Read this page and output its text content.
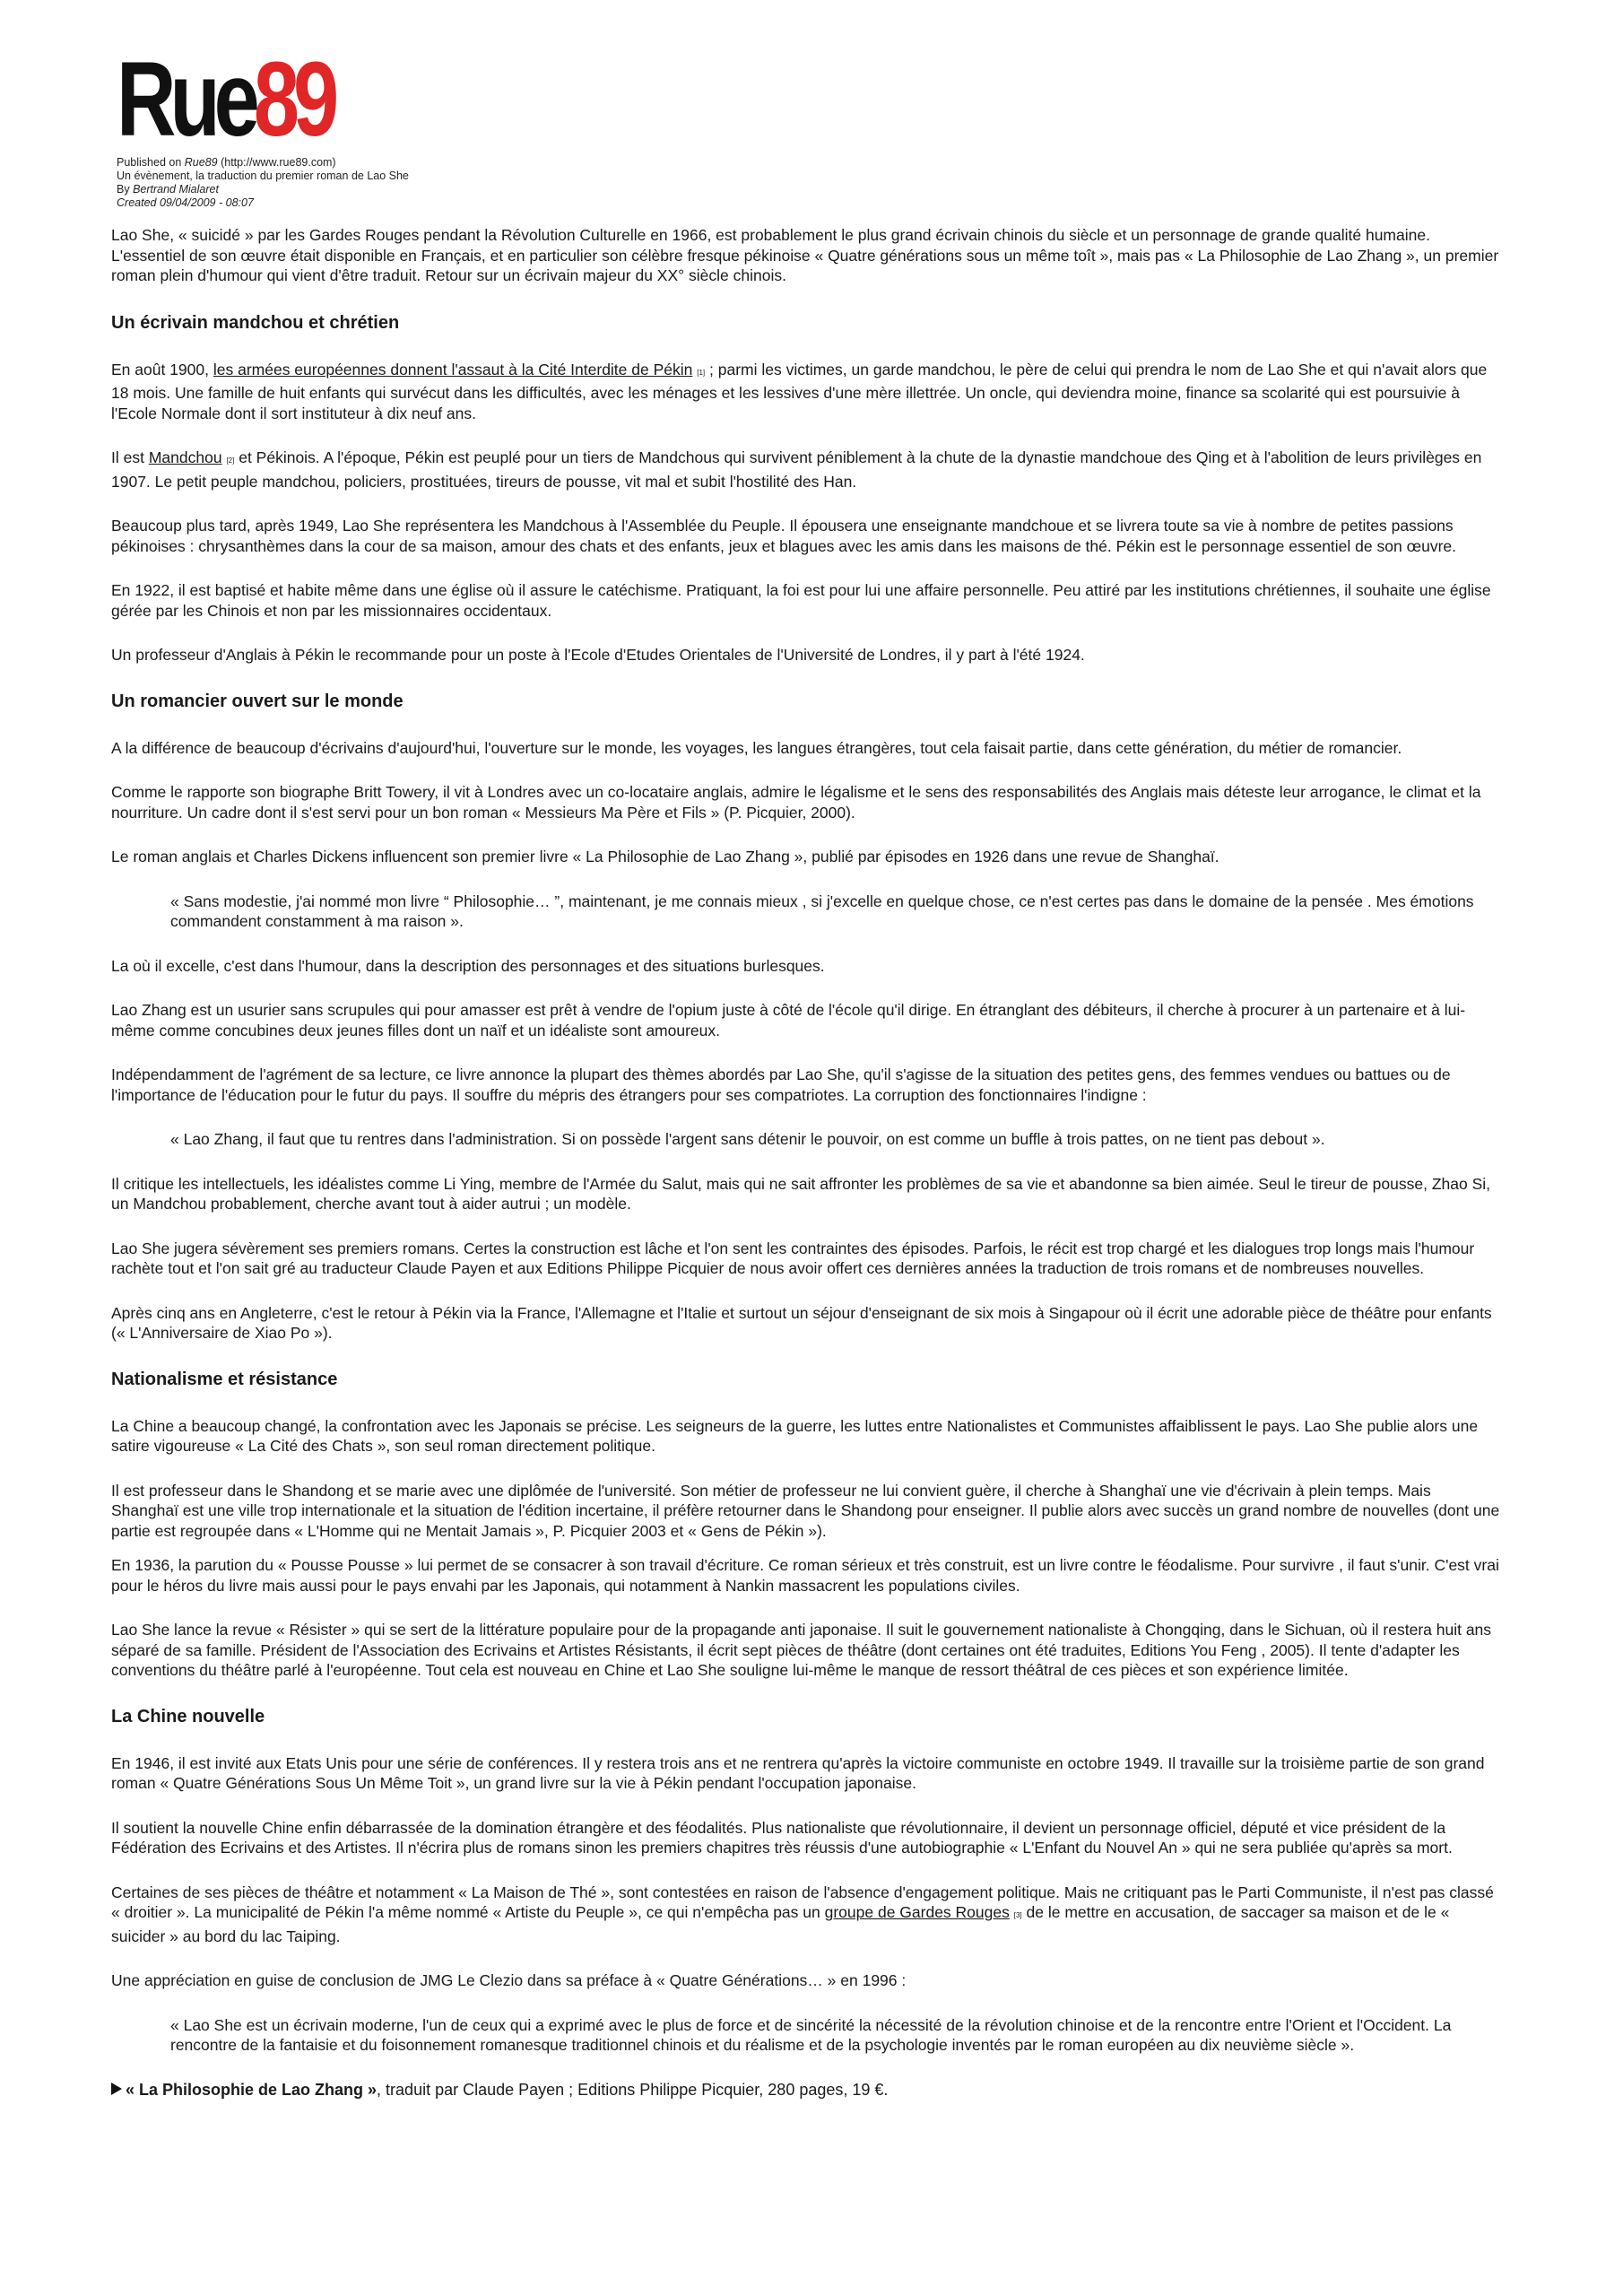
Rue89
Published on Rue89 (http://www.rue89.com)
Un évènement, la traduction du premier roman de Lao She
By Bertrand Mialaret
Created 09/04/2009 - 08:07

Lao She, « suicidé » par les Gardes Rouges pendant la Révolution Culturelle en 1966, est probablement le plus grand écrivain chinois du siècle et un personnage de grande qualité humaine. L'essentiel de son œuvre était disponible en Français, et en particulier son célèbre fresque pékinoise « Quatre générations sous un même toît », mais pas « La Philosophie de Lao Zhang », un premier roman plein d'humour qui vient d'être traduit. Retour sur un écrivain majeur du XX° siècle chinois.

Un écrivain mandchou et chrétien

En août 1900, les armées européennes donnent l'assaut à la Cité Interdite de Pékin [1] ; parmi les victimes, un garde mandchou, le père de celui qui prendra le nom de Lao She et qui n'avait alors que 18 mois. Une famille de huit enfants qui survécut dans les difficultés, avec les ménages et les lessives d'une mère illettrée. Un oncle, qui deviendra moine, finance sa scolarité qui est poursuivie à l'Ecole Normale dont il sort instituteur à dix neuf ans.

Il est Mandchou [2] et Pékinois. A l'époque, Pékin est peuplé pour un tiers de Mandchous qui survivent péniblement à la chute de la dynastie mandchoue des Qing et à l'abolition de leurs privilèges en 1907. Le petit peuple mandchou, policiers, prostituées, tireurs de pousse, vit mal et subit l'hostilité des Han.

Beaucoup plus tard, après 1949, Lao She représentera les Mandchous à l'Assemblée du Peuple. Il épousera une enseignante mandchoue et se livrera toute sa vie à nombre de petites passions pékinoises : chrysanthèmes dans la cour de sa maison, amour des chats et des enfants, jeux et blagues avec les amis dans les maisons de thé. Pékin est le personnage essentiel de son œuvre.

En 1922, il est baptisé et habite même dans une église où il assure le catéchisme. Pratiquant, la foi est pour lui une affaire personnelle. Peu attiré par les institutions chrétiennes, il souhaite une église gérée par les Chinois et non par les missionnaires occidentaux.

Un professeur d'Anglais à Pékin le recommande pour un poste à l'Ecole d'Etudes Orientales de l'Université de Londres, il y part à l'été 1924.

Un romancier ouvert sur le monde

A la différence de beaucoup d'écrivains d'aujourd'hui, l'ouverture sur le monde, les voyages, les langues étrangères, tout cela faisait partie, dans cette génération, du métier de romancier.

Comme le rapporte son biographe Britt Towery, il vit à Londres avec un co-locataire anglais, admire le légalisme et le sens des responsabilités des Anglais mais déteste leur arrogance, le climat et la nourriture. Un cadre dont il s'est servi pour un bon roman « Messieurs Ma Père et Fils » (P. Picquier, 2000).

Le roman anglais et Charles Dickens influencent son premier livre « La Philosophie de Lao Zhang », publié par épisodes en 1926 dans une revue de Shanghaï.

« Sans modestie, j'ai nommé mon livre “ Philosophie… ”, maintenant, je me connais mieux , si j'excelle en quelque chose, ce n'est certes pas dans le domaine de la pensée . Mes émotions commandent constamment à ma raison ».

La où il excelle, c'est dans l'humour, dans la description des personnages et des situations burlesques.

Lao Zhang est un usurier sans scrupules qui pour amasser est prêt à vendre de l'opium juste à côté de l'école qu'il dirige. En étranglant des débiteurs, il cherche à procurer à un partenaire et à lui-même comme concubines deux jeunes filles dont un naïf et un idéaliste sont amoureux.

Indépendamment de l'agrément de sa lecture, ce livre annonce la plupart des thèmes abordés par Lao She, qu'il s'agisse de la situation des petites gens, des femmes vendues ou battues ou de l'importance de l'éducation pour le futur du pays. Il souffre du mépris des étrangers pour ses compatriotes. La corruption des fonctionnaires l'indigne :

« Lao Zhang, il faut que tu rentres dans l'administration. Si on possède l'argent sans détenir le pouvoir, on est comme un buffle à trois pattes, on ne tient pas debout ».

Il critique les intellectuels, les idéalistes comme Li Ying, membre de l'Armée du Salut, mais qui ne sait affronter les problèmes de sa vie et abandonne sa bien aimée. Seul le tireur de pousse, Zhao Si, un Mandchou probablement, cherche avant tout à aider autrui ; un modèle.

Lao She jugera sévèrement ses premiers romans. Certes la construction est lâche et l'on sent les contraintes des épisodes. Parfois, le récit est trop chargé et les dialogues trop longs mais l'humour rachète tout et l'on sait gré au traducteur Claude Payen et aux Editions Philippe Picquier de nous avoir offert ces dernières années la traduction de trois romans et de nombreuses nouvelles.

Après cinq ans en Angleterre, c'est le retour à Pékin via la France, l'Allemagne et l'Italie et surtout un séjour d'enseignant de six mois à Singapour où il écrit une adorable pièce de théâtre pour enfants (« L'Anniversaire de Xiao Po »).

Nationalisme et résistance

La Chine a beaucoup changé, la confrontation avec les Japonais se précise. Les seigneurs de la guerre, les luttes entre Nationalistes et Communistes affaiblissent le pays. Lao She publie alors une satire vigoureuse « La Cité des Chats », son seul roman directement politique.

Il est professeur dans le Shandong et se marie avec une diplômée de l'université. Son métier de professeur ne lui convient guère, il cherche à Shanghaï une vie d'écrivain à plein temps. Mais Shanghaï est une ville trop internationale et la situation de l'édition incertaine, il préfère retourner dans le Shandong pour enseigner. Il publie alors avec succès un grand nombre de nouvelles (dont une partie est regroupée dans « L'Homme qui ne Mentait Jamais », P. Picquier 2003 et « Gens de Pékin »).

En 1936, la parution du « Pousse Pousse » lui permet de se consacrer à son travail d'écriture. Ce roman sérieux et très construit, est un livre contre le féodalisme. Pour survivre , il faut s'unir. C'est vrai pour le héros du livre mais aussi pour le pays envahi par les Japonais, qui notamment à Nankin massacrent les populations civiles.

Lao She lance la revue « Résister » qui se sert de la littérature populaire pour de la propagande anti japonaise. Il suit le gouvernement nationaliste à Chongqing, dans le Sichuan, où il restera huit ans séparé de sa famille. Président de l'Association des Ecrivains et Artistes Résistants, il écrit sept pièces de théâtre (dont certaines ont été traduites, Editions You Feng , 2005). Il tente d'adapter les conventions du théâtre parlé à l'européenne. Tout cela est nouveau en Chine et Lao She souligne lui-même le manque de ressort théâtral de ces pièces et son expérience limitée.

La Chine nouvelle

En 1946, il est invité aux Etats Unis pour une série de conférences. Il y restera trois ans et ne rentrera qu'après la victoire communiste en octobre 1949. Il travaille sur la troisième partie de son grand roman « Quatre Générations Sous Un Même Toit », un grand livre sur la vie à Pékin pendant l'occupation japonaise.

Il soutient la nouvelle Chine enfin débarrassée de la domination étrangère et des féodalités. Plus nationaliste que révolutionnaire, il devient un personnage officiel, député et vice président de la Fédération des Ecrivains et des Artistes. Il n'écrira plus de romans sinon les premiers chapitres très réussis d'une autobiographie « L'Enfant du Nouvel An » qui ne sera publiée qu'après sa mort.

Certaines de ses pièces de théâtre et notamment « La Maison de Thé », sont contestées en raison de l'absence d'engagement politique. Mais ne critiquant pas le Parti Communiste, il n'est pas classé « droitier ». La municipalité de Pékin l'a même nommé « Artiste du Peuple », ce qui n'empêcha pas un groupe de Gardes Rouges [3] de le mettre en accusation, de saccager sa maison et de le « suicider » au bord du lac Taiping.

Une appréciation en guise de conclusion de JMG Le Clezio dans sa préface à « Quatre Générations… » en 1996 :

« Lao She est un écrivain moderne, l'un de ceux qui a exprimé avec le plus de force et de sincérité la nécessité de la révolution chinoise et de la rencontre entre l'Orient et l'Occident. La rencontre de la fantaisie et du foisonnement romanesque traditionnel chinois et du réalisme et de la psychologie inventés par le roman européen au dix neuvième siècle ».

« La Philosophie de Lao Zhang », traduit par Claude Payen ; Editions Philippe Picquier, 280 pages, 19 €.
